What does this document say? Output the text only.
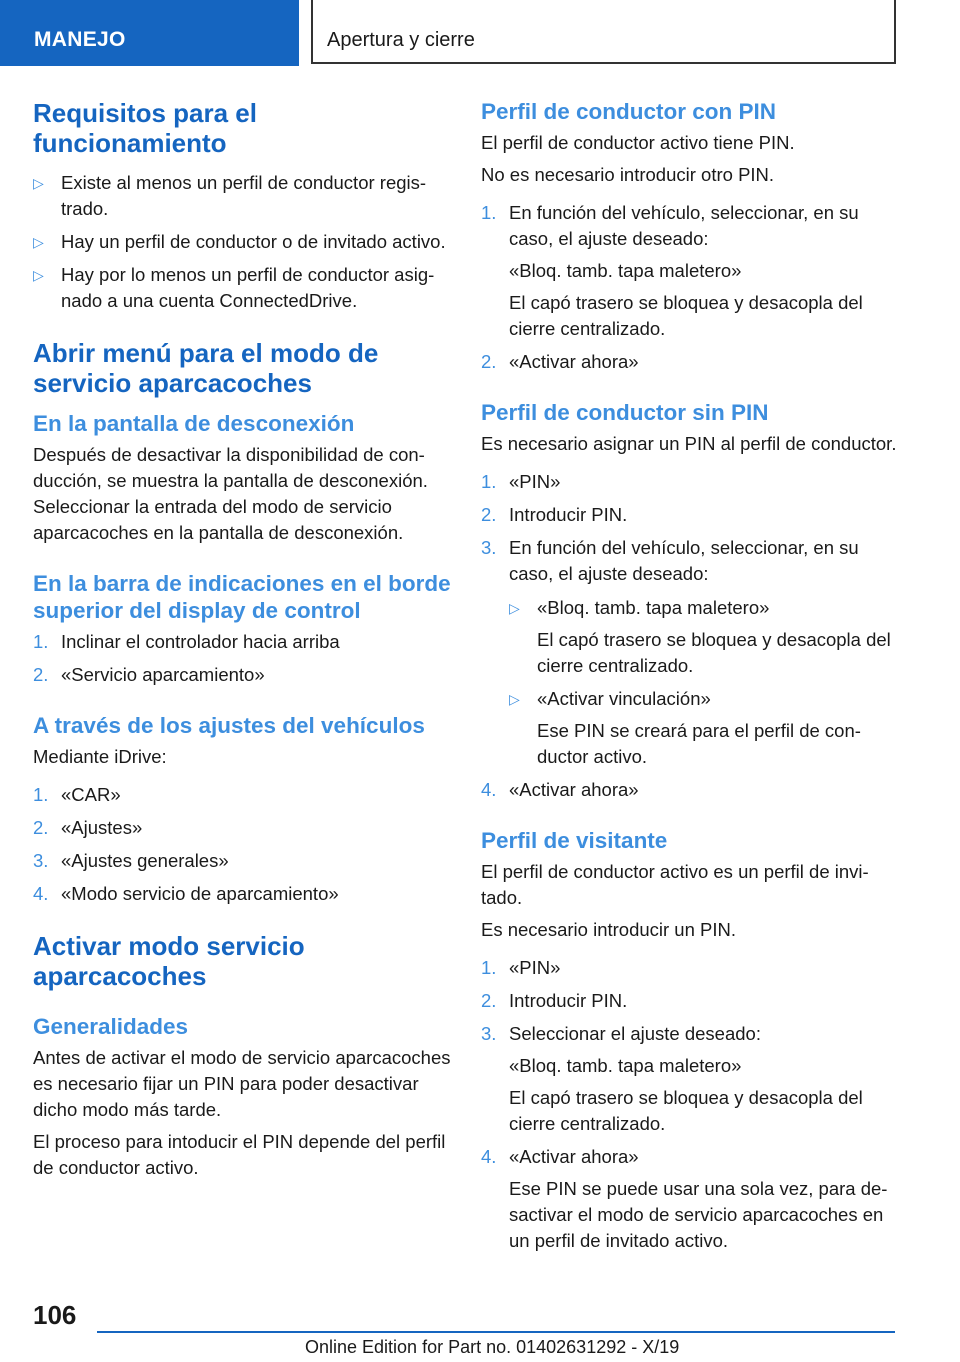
MANEJO	Apertura y cierre
Requisitos para el funcionamiento
▷ Existe al menos un perfil de conductor registrado.
▷ Hay un perfil de conductor o de invitado activo.
▷ Hay por lo menos un perfil de conductor asignado a una cuenta ConnectedDrive.
Abrir menú para el modo de servicio aparcacoches
En la pantalla de desconexión

Después de desactivar la disponibilidad de conducción, se muestra la pantalla de desconexión. Seleccionar la entrada del modo de servicio aparcacoches en la pantalla de desconexión.

En la barra de indicaciones en el borde superior del display de control
1. Inclinar el controlador hacia arriba
2. «Servicio aparcamiento»
A través de los ajustes del vehículos

Mediante iDrive:

1. «CAR»
2. «Ajustes»
3. «Ajustes generales»
4. «Modo servicio de aparcamiento»
Activar modo servicio aparcacoches
Generalidades

Antes de activar el modo de servicio aparcacoches es necesario fijar un PIN para poder desactivar dicho modo más tarde.

El proceso para intoducir el PIN depende del perfil de conductor activo.

Perfil de conductor con PIN

El perfil de conductor activo tiene PIN.

No es necesario introducir otro PIN.

1. En función del vehículo, seleccionar, en su caso, el ajuste deseado:
«Bloq. tamb. tapa maletero»
El capó trasero se bloquea y desacopla del cierre centralizado.
2. «Activar ahora»
Perfil de conductor sin PIN

Es necesario asignar un PIN al perfil de conductor.

1. «PIN»
2. Introducir PIN.
3. En función del vehículo, seleccionar, en su caso, el ajuste deseado:
▷ «Bloq. tamb. tapa maletero»
El capó trasero se bloquea y desacopla del cierre centralizado.
▷ «Activar vinculación»
Ese PIN se creará para el perfil de conductor activo.
4. «Activar ahora»
Perfil de visitante

El perfil de conductor activo es un perfil de invitado.

Es necesario introducir un PIN.

1. «PIN»
2. Introducir PIN.
3. Seleccionar el ajuste deseado:
«Bloq. tamb. tapa maletero»
El capó trasero se bloquea y desacopla del cierre centralizado.
4. «Activar ahora»
Ese PIN se puede usar una sola vez, para desactivar el modo de servicio aparcacoches en un perfil de invitado activo.
106
Online Edition for Part no. 01402631292 - X/19
